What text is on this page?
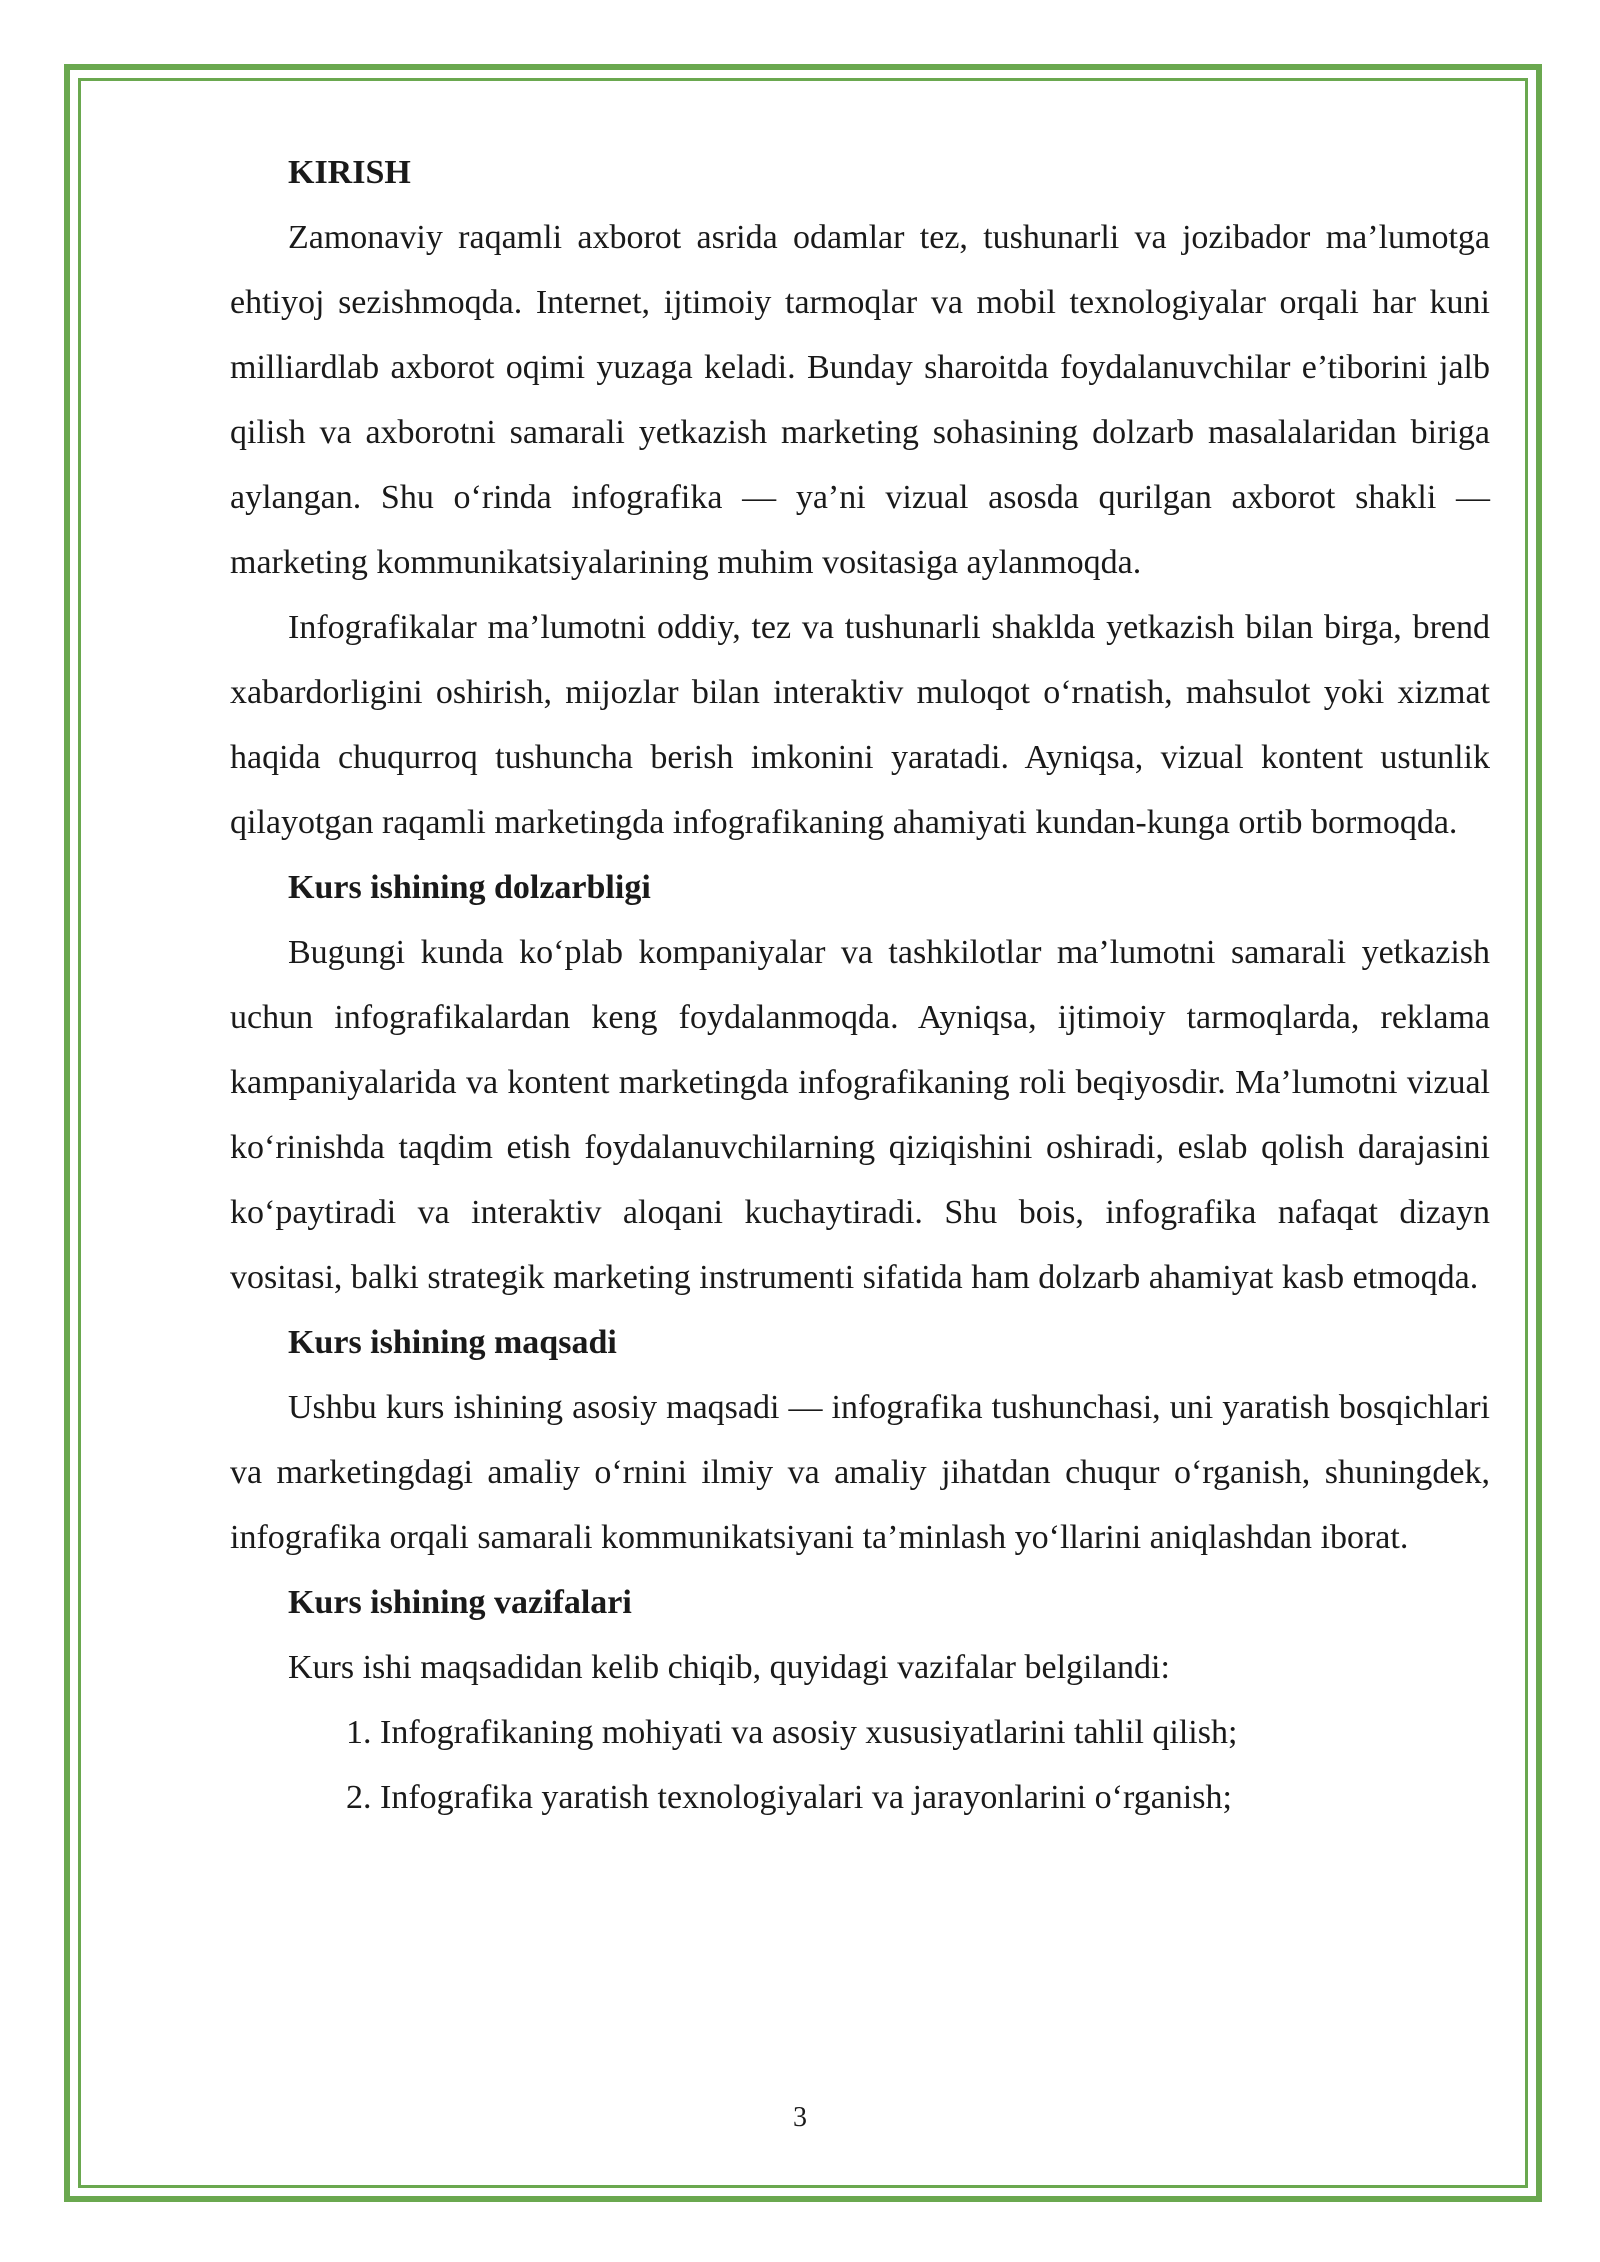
KIRISH

Zamonaviy raqamli axborot asrida odamlar tez, tushunarli va jozibador ma’lumotga ehtiyoj sezishmoqda. Internet, ijtimoiy tarmoqlar va mobil texnologiyalar orqali har kuni milliardlab axborot oqimi yuzaga keladi. Bunday sharoitda foydalanuvchilar e’tiborini jalb qilish va axborotni samarali yetkazish marketing sohasining dolzarb masalalaridan biriga aylangan. Shu o‘rinda infografika — ya’ni vizual asosda qurilgan axborot shakli — marketing kommunikatsiyalarining muhim vositasiga aylanmoqda.

Infografikalar ma’lumotni oddiy, tez va tushunarli shaklda yetkazish bilan birga, brend xabardorligini oshirish, mijozlar bilan interaktiv muloqot o‘rnatish, mahsulot yoki xizmat haqida chuqurroq tushuncha berish imkonini yaratadi. Ayniqsa, vizual kontent ustunlik qilayotgan raqamli marketingda infografikaning ahamiyati kundan-kunga ortib bormoqda.

Kurs ishining dolzarbligi

Bugungi kunda ko‘plab kompaniyalar va tashkilotlar ma’lumotni samarali yetkazish uchun infografikalardan keng foydalanmoqda. Ayniqsa, ijtimoiy tarmoqlarda, reklama kampaniyalarida va kontent marketingda infografikaning roli beqiyosdir. Ma’lumotni vizual ko‘rinishda taqdim etish foydalanuvchilarning qiziqishini oshiradi, eslab qolish darajasini ko‘paytiradi va interaktiv aloqani kuchaytiradi. Shu bois, infografika nafaqat dizayn vositasi, balki strategik marketing instrumenti sifatida ham dolzarb ahamiyat kasb etmoqda.

Kurs ishining maqsadi

Ushbu kurs ishining asosiy maqsadi — infografika tushunchasi, uni yaratish bosqichlari va marketingdagi amaliy o‘rnini ilmiy va amaliy jihatdan chuqur o‘rganish, shuningdek, infografika orqali samarali kommunikatsiyani ta’minlash yo‘llarini aniqlashdan iborat.

Kurs ishining vazifalari

Kurs ishi maqsadidan kelib chiqib, quyidagi vazifalar belgilandi:

1. Infografikaning mohiyati va asosiy xususiyatlarini tahlil qilish;

2. Infografika yaratish texnologiyalari va jarayonlarini o‘rganish;

3
